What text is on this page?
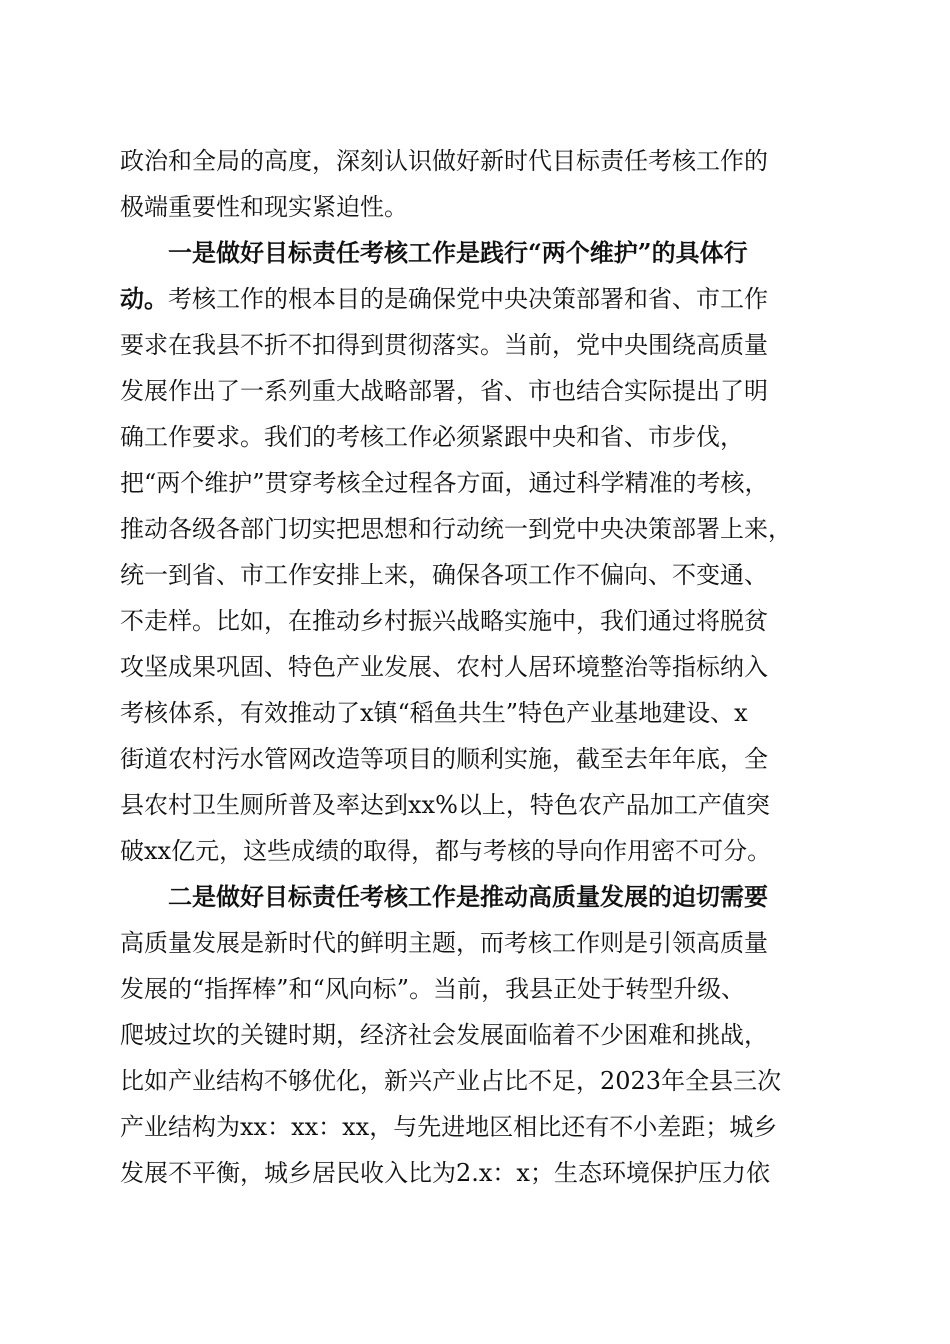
政治和全局的高度，深刻认识做好新时代目标责任考核工作的
极端重要性和现实紧迫性。
一是做好目标责任考核工作是践行“两个维护”的具体行
动。 考核工作的根本目的是确保党中央决策部署和省、市工作
要求在我县不折不扣得到贯彻落实。当前，党中央围绕高质量
发展作出了一系列重大战略部署，省、市也结合实际提出了明
确工作要求。我们的考核工作必须紧跟中央和省、市步伐，
把“两个维护”贯穿考核全过程各方面，通过科学精准的考核，
推动各级各部门切实把思想和行动统一到党中央决策部署上来，
统一到省、市工作安排上来，确保各项工作不偏向、不变通、
不走样。比如，在推动乡村振兴战略实施中，我们通过将脱贫
攻坚成果巩固、特色产业发展、农村人居环境整治等指标纳入
考核体系，有效推动了x镇“稻鱼共生”特色产业基地建设、x
街道农村污水管网改造等项目的顺利实施，截至去年年底，全
县农村卫生厕所普及率达到xx%以上，特色农产品加工产值突
破xx亿元，这些成绩的取得，都与考核的导向作用密不可分。
二是做好目标责任考核工作是推动高质量发展的迫切需要
高质量发展是新时代的鲜明主题，而考核工作则是引领高质量
发展的“指挥棒”和“风向标”。当前，我县正处于转型升级、
爬坡过坎的关键时期，经济社会发展面临着不少困难和挑战，
比如产业结构不够优化，新兴产业占比不足，2023年全县三次
产业结构为xx：xx：xx，与先进地区相比还有不小差距；城乡
发展不平衡，城乡居民收入比为2.x：x；生态环境保护压力依
